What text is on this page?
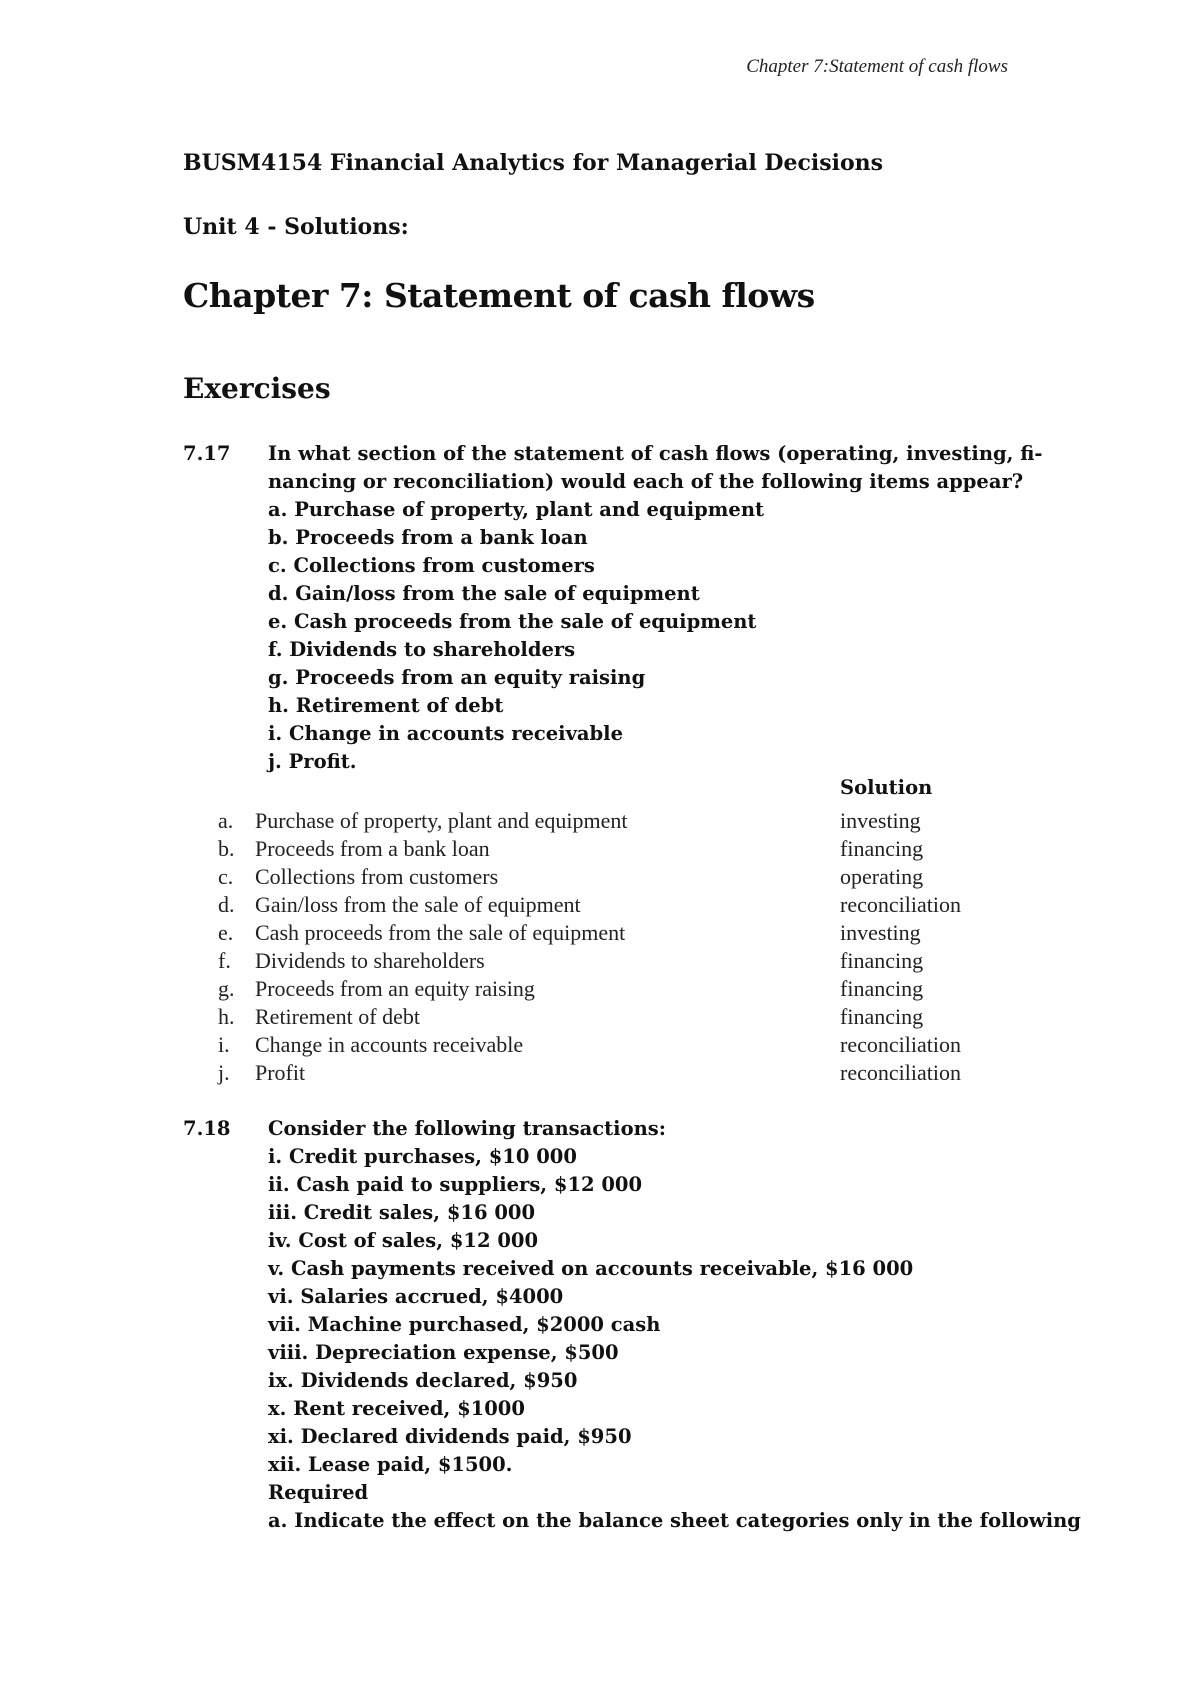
Chapter 7:Statement of cash flows
BUSM4154 Financial Analytics for Managerial Decisions
Unit 4 - Solutions:
Chapter 7: Statement of cash flows
Exercises
7.17 In what section of the statement of cash flows (operating, investing, fi-
nancing or reconciliation) would each of the following items appear?
a. Purchase of property, plant and equipment
b. Proceeds from a bank loan
c. Collections from customers
d. Gain/loss from the sale of equipment
e. Cash proceeds from the sale of equipment
f. Dividends to shareholders
g. Proceeds from an equity raising
h. Retirement of debt
i. Change in accounts receivable
j. Profit.
Solution
a. Purchase of property, plant and equipment	investing
b. Proceeds from a bank loan	financing
c. Collections from customers	operating
d. Gain/loss from the sale of equipment	reconciliation
e. Cash proceeds from the sale of equipment	investing
f. Dividends to shareholders	financing
g. Proceeds from an equity raising	financing
h. Retirement of debt	financing
i. Change in accounts receivable	reconciliation
j. Profit	reconciliation
7.18 Consider the following transactions:
i. Credit purchases, $10 000
ii. Cash paid to suppliers, $12 000
iii. Credit sales, $16 000
iv. Cost of sales, $12 000
v. Cash payments received on accounts receivable, $16 000
vi. Salaries accrued, $4000
vii. Machine purchased, $2000 cash
viii. Depreciation expense, $500
ix. Dividends declared, $950
x. Rent received, $1000
xi. Declared dividends paid, $950
xii. Lease paid, $1500.
Required
a. Indicate the effect on the balance sheet categories only in the following
